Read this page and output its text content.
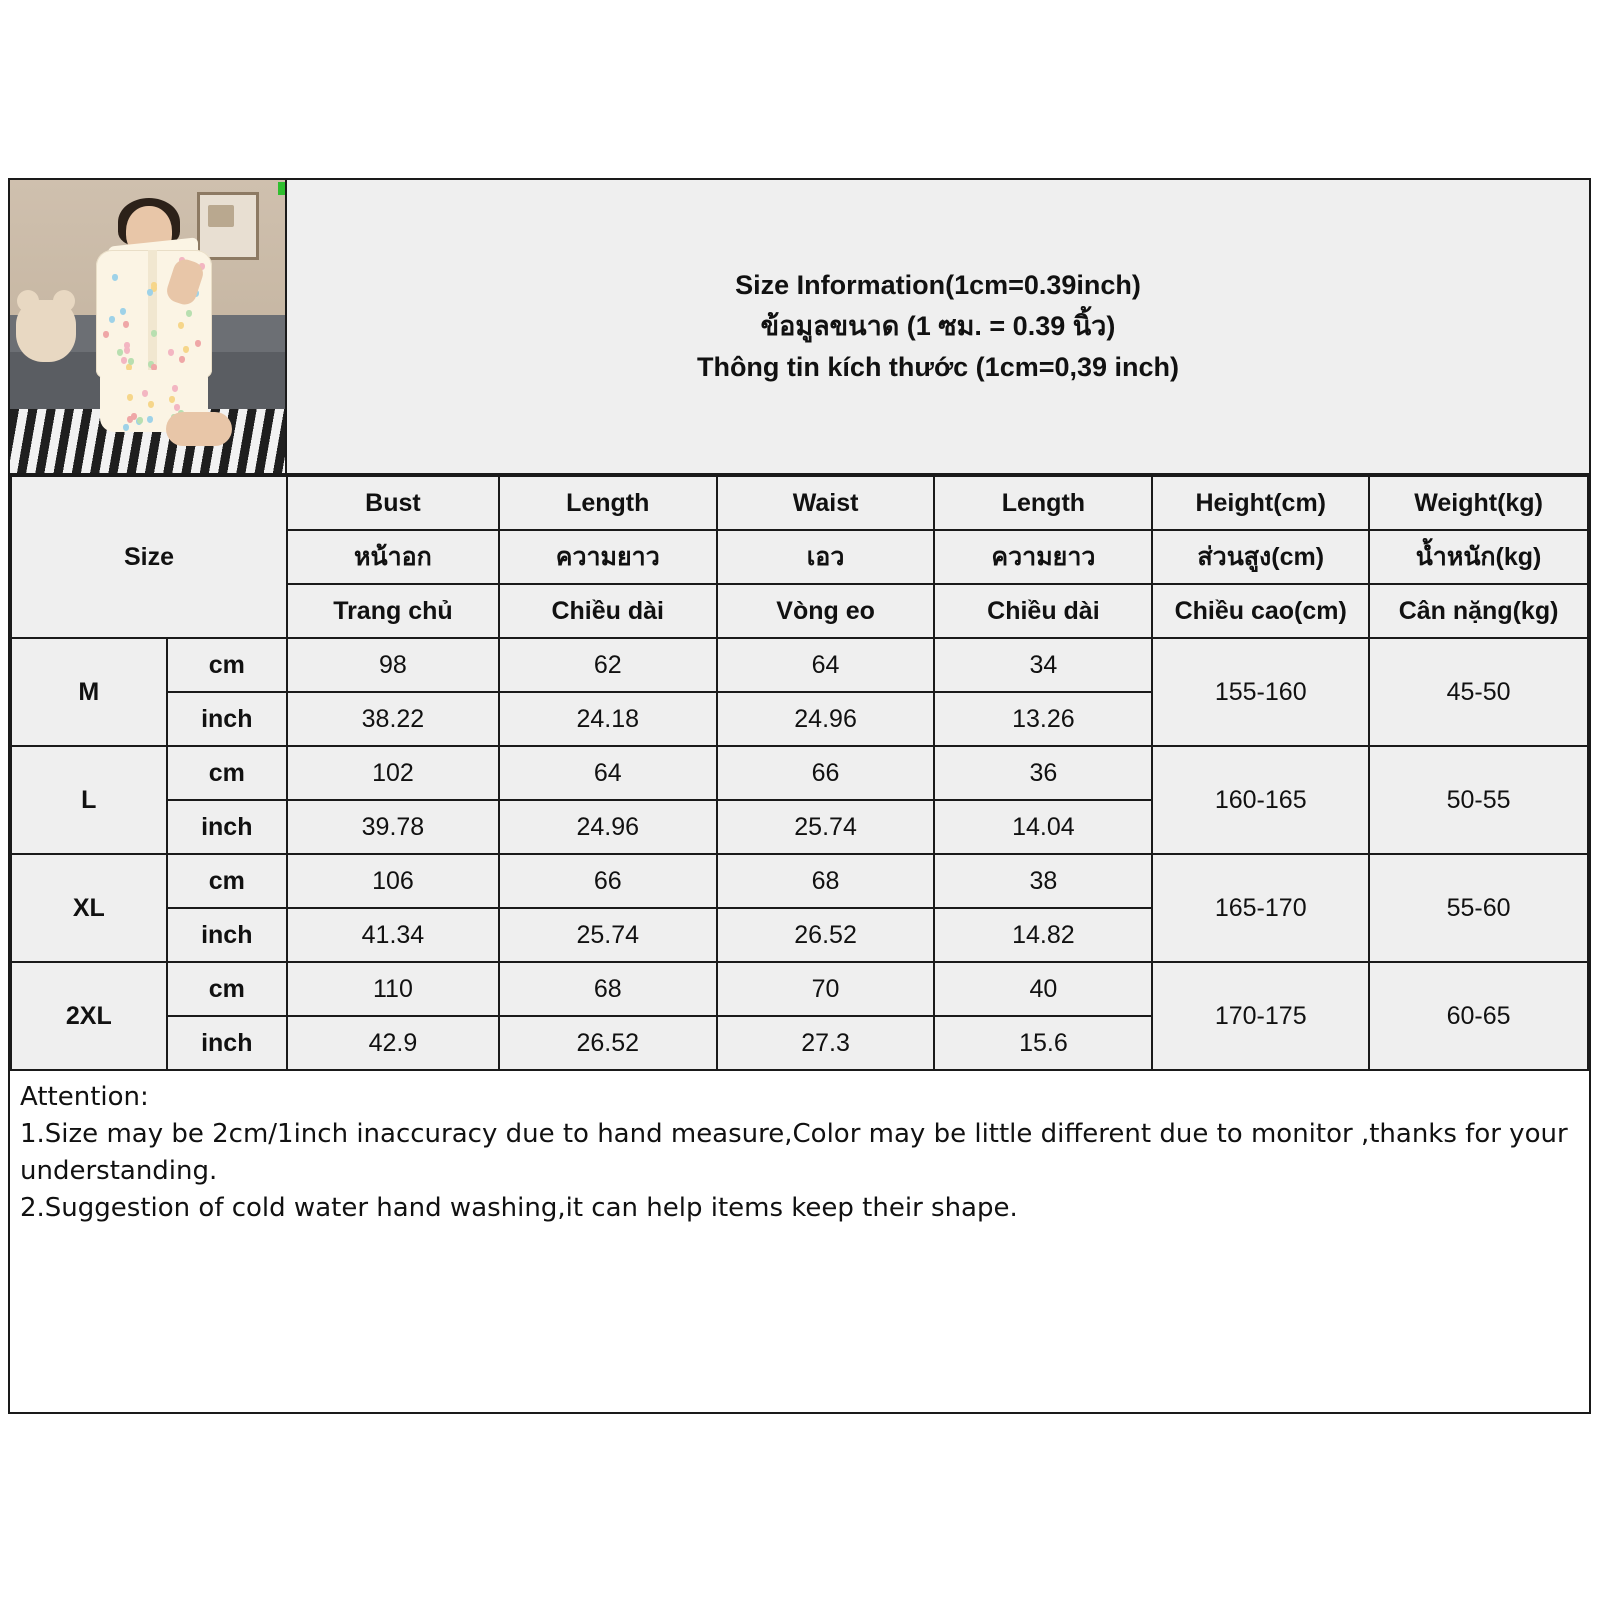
Size Information(1cm=0.39inch)
ข้อมูลขนาด (1 ซม. = 0.39 นิ้ว)
Thông tin kích thước (1cm=0,39 inch)
Size		Bust	Length	Waist	Length	Height(cm)	Weight(kg)
		หน้าอก	ความยาว	เอว	ความยาว	ส่วนสูง(cm)	น้ำหนัก(kg)
		Trang chủ	Chiều dài	Vòng eo	Chiều dài	Chiều cao(cm)	Cân nặng(kg)
M	cm	98	62	64	34	155-160	45-50
	inch	38.22	24.18	24.96	13.26		
L	cm	102	64	66	36	160-165	50-55
	inch	39.78	24.96	25.74	14.04		
XL	cm	106	66	68	38	165-170	55-60
	inch	41.34	25.74	26.52	14.82		
2XL	cm	110	68	70	40	170-175	60-65
	inch	42.9	26.52	27.3	15.6		

Attention:

1.Size may be 2cm/1inch inaccuracy due to hand measure,Color may be little different due to monitor ,thanks for your understanding.

2.Suggestion of cold water hand washing,it can help items keep their shape.
